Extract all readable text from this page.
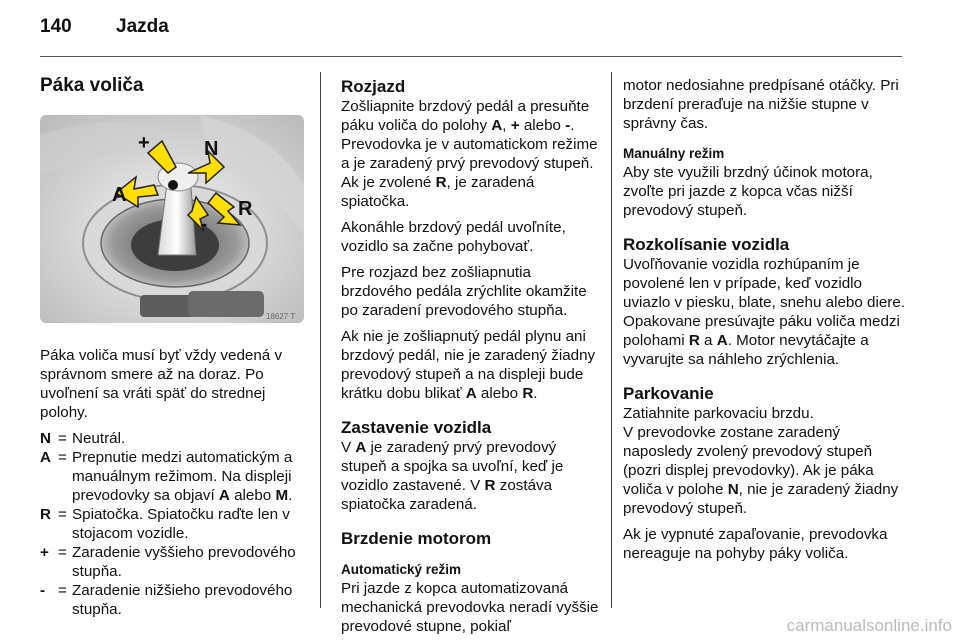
140 Jazda
Páka voliča
+	N
A
R
-
18627 T

Páka voliča musí byť vždy vedená v správnom smere až na doraz. Po uvoľnení sa vráti späť do strednej polohy.

N = Neutrál.
A = Prepnutie medzi automatickým a manuálnym režimom. Na displeji prevodovky sa objaví A alebo M.
R = Spiatočka. Spiatočku raďte len v stojacom vozidle.
+ = Zaradenie vyššieho prevodového stupňa.
- = Zaradenie nižšieho prevodového stupňa.
Rozjazd

Zošliapnite brzdový pedál a presuňte páku voliča do polohy A, + alebo -. Prevodovka je v automatickom režime a je zaradený prvý prevodový stupeň. Ak je zvolené R, je zaradená spiatočka.

Akonáhle brzdový pedál uvoľníte, vozidlo sa začne pohybovať.

Pre rozjazd bez zošliapnutia brzdového pedála zrýchlite okamžite po zaradení prevodového stupňa.

Ak nie je zošliapnutý pedál plynu ani brzdový pedál, nie je zaradený žiadny prevodový stupeň a na displeji bude krátku dobu blikať A alebo R.

Zastavenie vozidla

V A je zaradený prvý prevodový stupeň a spojka sa uvoľní, keď je vozidlo zastavené. V R zostáva spiatočka zaradená.

Brzdenie motorom
Automatický režim

Pri jazde z kopca automatizovaná mechanická prevodovka neradí vyššie prevodové stupne, pokiaľ

motor nedosiahne predpísané otáčky. Pri brzdení preraďuje na nižšie stupne v správny čas.

Manuálny režim

Aby ste využili brzdný účinok motora, zvoľte pri jazde z kopca včas nižší prevodový stupeň.

Rozkolísanie vozidla

Uvoľňovanie vozidla rozhúpaním je povolené len v prípade, keď vozidlo uviazlo v piesku, blate, snehu alebo diere. Opakovane presúvajte páku voliča medzi polohami R a A. Motor nevytáčajte a vyvarujte sa náhleho zrýchlenia.

Parkovanie

Zatiahnite parkovaciu brzdu.

V prevodovke zostane zaradený naposledy zvolený prevodový stupeň (pozri displej prevodovky). Ak je páka voliča v polohe N, nie je zaradený žiadny prevodový stupeň.

Ak je vypnuté zapaľovanie, prevodovka nereaguje na pohyby páky voliča.

carmanualsonline.info
